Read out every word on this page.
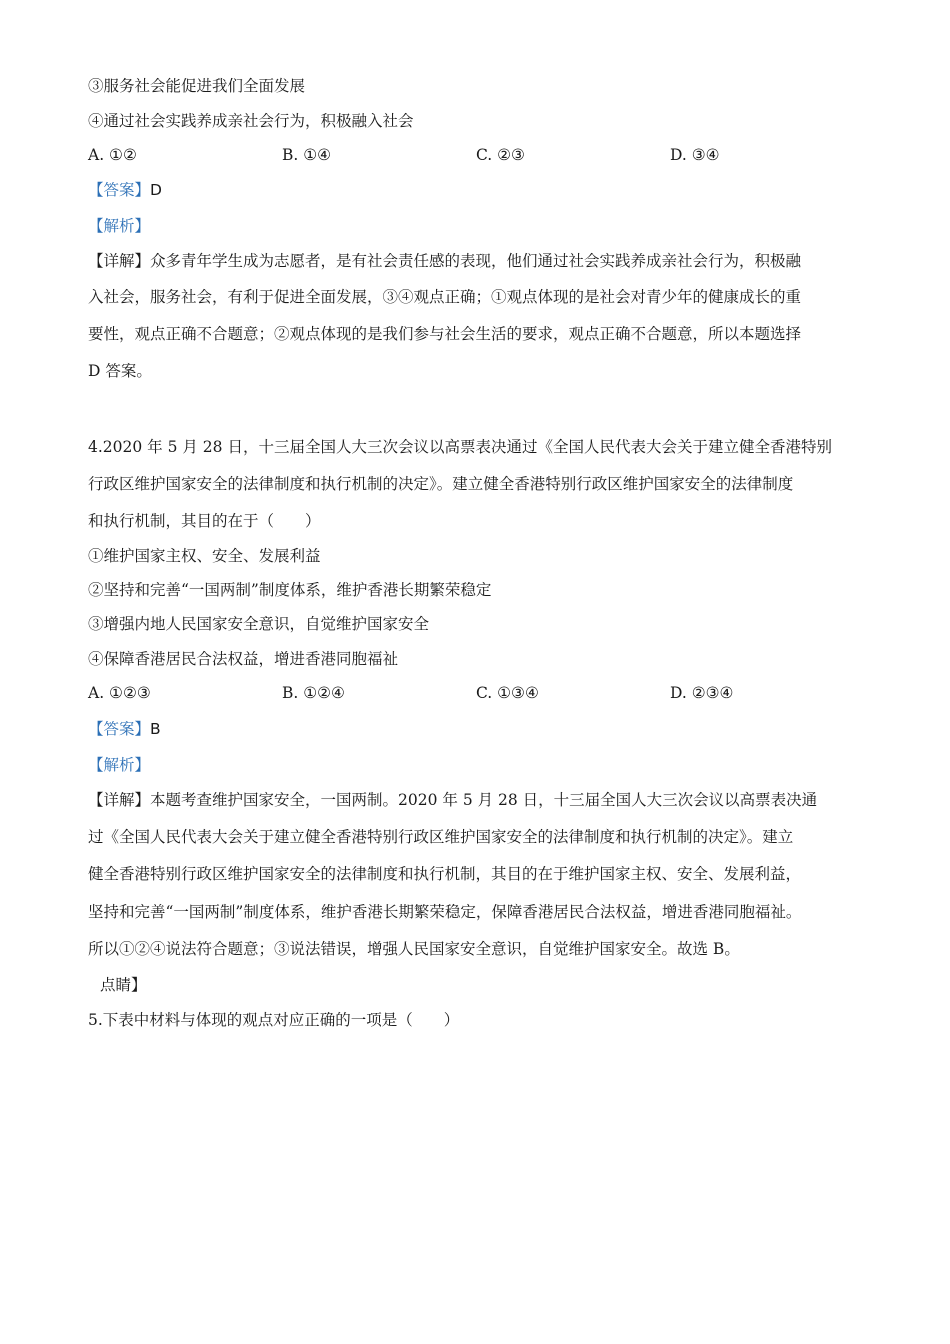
③服务社会能促进我们全面发展
④通过社会实践养成亲社会行为，积极融入社会
A. ①②	B. ①④	C. ②③	D. ③④
【答案】D
【解析】
【详解】众多青年学生成为志愿者，是有社会责任感的表现，他们通过社会实践养成亲社会行为，积极融
入社会，服务社会，有利于促进全面发展，③④观点正确；①观点体现的是社会对青少年的健康成长的重
要性，观点正确不合题意；②观点体现的是我们参与社会生活的要求，观点正确不合题意，所以本题选择
D 答案。
4.2020 年 5 月 28 日，十三届全国人大三次会议以高票表决通过《全国人民代表大会关于建立健全香港特别
行政区维护国家安全的法律制度和执行机制的决定》。建立健全香港特别行政区维护国家安全的法律制度
和执行机制，其目的在于（　　）
①维护国家主权、安全、发展利益
②坚持和完善“一国两制”制度体系，维护香港长期繁荣稳定
③增强内地人民国家安全意识，自觉维护国家安全
④保障香港居民合法权益，增进香港同胞福祉
A. ①②③	B. ①②④	C. ①③④	D. ②③④
【答案】B
【解析】
【详解】本题考查维护国家安全，一国两制。2020 年 5 月 28 日，十三届全国人大三次会议以高票表决通
过《全国人民代表大会关于建立健全香港特别行政区维护国家安全的法律制度和执行机制的决定》。建立
健全香港特别行政区维护国家安全的法律制度和执行机制，其目的在于维护国家主权、安全、发展利益，
坚持和完善“一国两制”制度体系，维护香港长期繁荣稳定，保障香港居民合法权益，增进香港同胞福祉。
所以①②④说法符合题意；③说法错误，增强人民国家安全意识，自觉维护国家安全。故选 B。
点睛】
5.下表中材料与体现的观点对应正确的一项是（　　）
